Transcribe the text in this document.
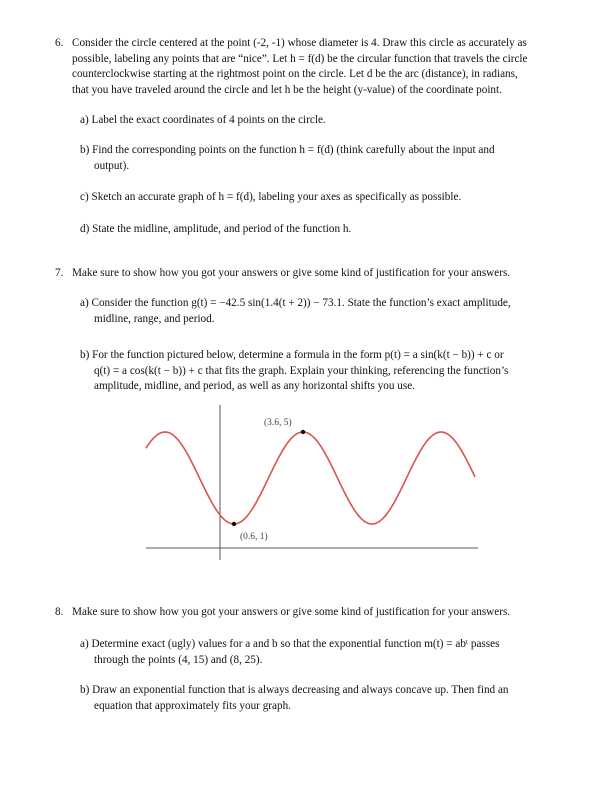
6. Consider the circle centered at the point (-2, -1) whose diameter is 4. Draw this circle as accurately as
possible, labeling any points that are “nice”. Let h = f(d) be the circular function that travels the circle
counterclockwise starting at the rightmost point on the circle. Let d be the arc (distance), in radians,
that you have traveled around the circle and let h be the height (y-value) of the coordinate point.
a) Label the exact coordinates of 4 points on the circle.
b) Find the corresponding points on the function h = f(d) (think carefully about the input and
output).
c) Sketch an accurate graph of h = f(d), labeling your axes as specifically as possible.
d) State the midline, amplitude, and period of the function h.
7. Make sure to show how you got your answers or give some kind of justification for your answers.
a) Consider the function g(t) = −42.5 sin(1.4(t + 2)) − 73.1. State the function’s exact amplitude,
midline, range, and period.
b) For the function pictured below, determine a formula in the form p(t) = a sin(k(t − b)) + c or
q(t) = a cos(k(t − b)) + c that fits the graph. Explain your thinking, referencing the function’s
amplitude, midline, and period, as well as any horizontal shifts you use.
(3.6, 5)
(0.6, 1)
8. Make sure to show how you got your answers or give some kind of justification for your answers.
a) Determine exact (ugly) values for a and b so that the exponential function m(t) = abᵗ passes
through the points (4, 15) and (8, 25).
b) Draw an exponential function that is always decreasing and always concave up. Then find an
equation that approximately fits your graph.
